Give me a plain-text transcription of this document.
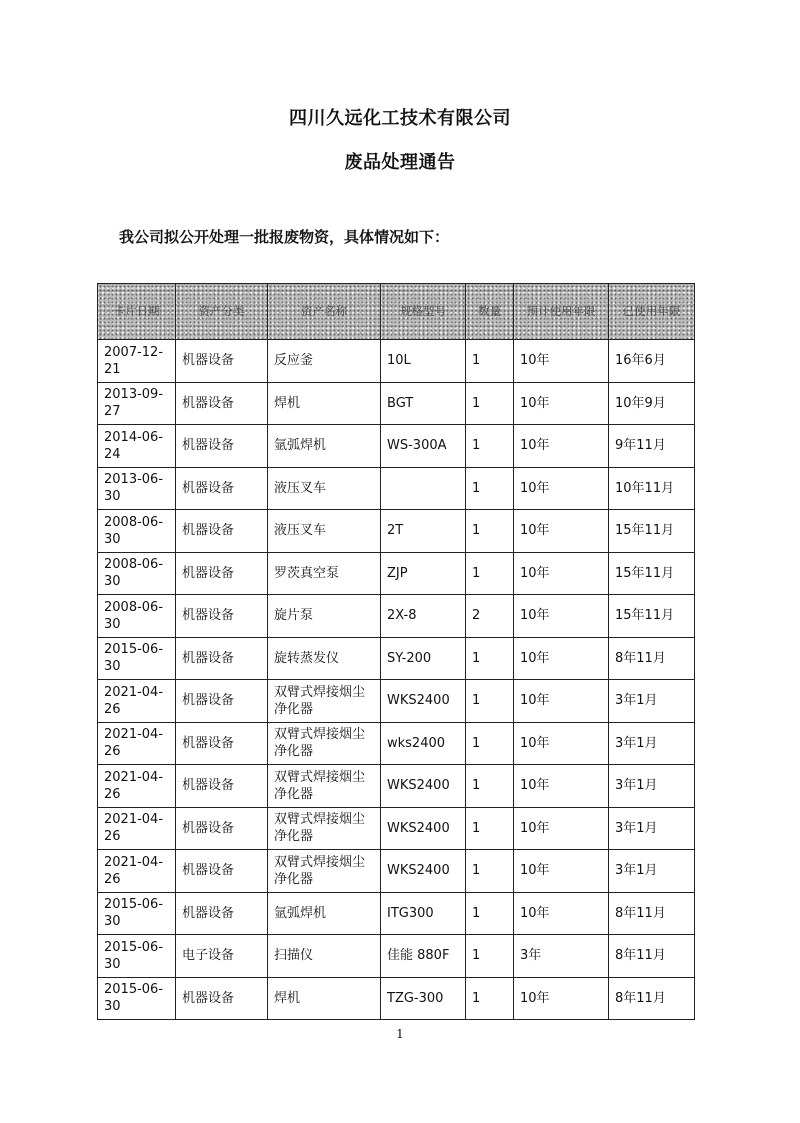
四川久远化工技术有限公司
废品处理通告
我公司拟公开处理一批报废物资，具体情况如下：
卡片日期	资产分类	资产名称	规格型号	数量	预计使用年限	已使用年限
2007-12-21	机器设备	反应釜	10L	1	10年	16年6月
2013-09-27	机器设备	焊机	BGT	1	10年	10年9月
2014-06-24	机器设备	氩弧焊机	WS-300A	1	10年	9年11月
2013-06-30	机器设备	液压叉车		1	10年	10年11月
2008-06-30	机器设备	液压叉车	2T	1	10年	15年11月
2008-06-30	机器设备	罗茨真空泵	ZJP	1	10年	15年11月
2008-06-30	机器设备	旋片泵	2X-8	2	10年	15年11月
2015-06-30	机器设备	旋转蒸发仪	SY-200	1	10年	8年11月
2021-04-26	机器设备	双臂式焊接烟尘净化器	WKS2400	1	10年	3年1月
2021-04-26	机器设备	双臂式焊接烟尘净化器	wks2400	1	10年	3年1月
2021-04-26	机器设备	双臂式焊接烟尘净化器	WKS2400	1	10年	3年1月
2021-04-26	机器设备	双臂式焊接烟尘净化器	WKS2400	1	10年	3年1月
2021-04-26	机器设备	双臂式焊接烟尘净化器	WKS2400	1	10年	3年1月
2015-06-30	机器设备	氩弧焊机	ITG300	1	10年	8年11月
2015-06-30	电子设备	扫描仪	佳能 880F	1	3年	8年11月
2015-06-30	机器设备	焊机	TZG-300	1	10年	8年11月
1
